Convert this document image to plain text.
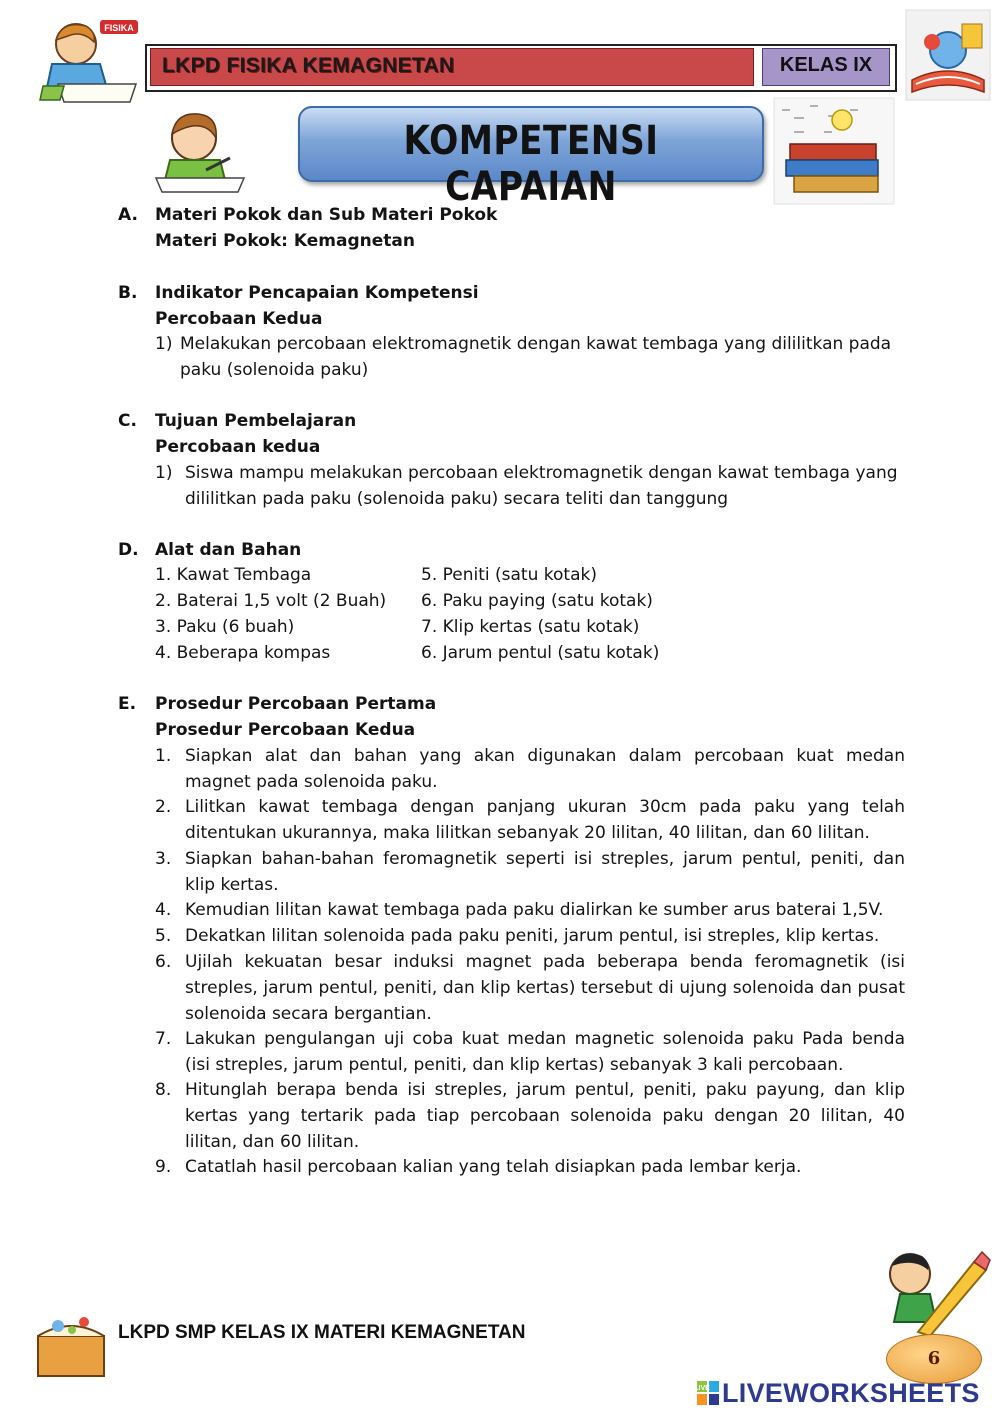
FISIKA
LKPD FISIKA KEMAGNETAN	KELAS IX
KOMPETENSI CAPAIAN
A. Materi Pokok dan Sub Materi Pokok
Materi Pokok: Kemagnetan
B. Indikator Pencapaian Kompetensi
Percobaan Kedua
1) Melakukan percobaan elektromagnetik dengan kawat tembaga yang dililitkan pada
paku (solenoida paku)
C. Tujuan Pembelajaran
Percobaan kedua
1) Siswa mampu melakukan percobaan elektromagnetik dengan kawat tembaga yang
dililitkan pada paku (solenoida paku) secara teliti dan tanggung
D. Alat dan Bahan
1. Kawat Tembaga
2. Baterai 1,5 volt (2 Buah)
3. Paku (6 buah)
4. Beberapa kompas
5. Peniti (satu kotak)
6. Paku paying (satu kotak)
7. Klip kertas (satu kotak)
6. Jarum pentul (satu kotak)
E. Prosedur Percobaan Pertama
Prosedur Percobaan Kedua
1. Siapkan alat dan bahan yang akan digunakan dalam percobaan kuat medan magnet pada solenoida paku.
2. Lilitkan kawat tembaga dengan panjang ukuran 30cm pada paku yang telah ditentukan ukurannya, maka lilitkan sebanyak 20 lilitan, 40 lilitan, dan 60 lilitan.
3. Siapkan bahan-bahan feromagnetik seperti isi streples, jarum pentul, peniti, dan klip kertas.
4. Kemudian lilitan kawat tembaga pada paku dialirkan ke sumber arus baterai 1,5V.
5. Dekatkan lilitan solenoida pada paku peniti, jarum pentul, isi streples, klip kertas.
6. Ujilah kekuatan besar induksi magnet pada beberapa benda feromagnetik (isi streples, jarum pentul, peniti, dan klip kertas) tersebut di ujung solenoida dan pusat solenoida secara bergantian.
7. Lakukan pengulangan uji coba kuat medan magnetic solenoida paku Pada benda (isi streples, jarum pentul, peniti, dan klip kertas) sebanyak 3 kali percobaan.
8. Hitunglah berapa benda isi streples, jarum pentul, peniti, paku payung, dan klip kertas yang tertarik pada tiap percobaan solenoida paku dengan 20 lilitan, 40 lilitan, dan 60 lilitan.
9. Catatlah hasil percobaan kalian yang telah disiapkan pada lembar kerja.
LKPD SMP KELAS IX MATERI KEMAGNETAN
6
LIVE LIVEWORKSHEETS
